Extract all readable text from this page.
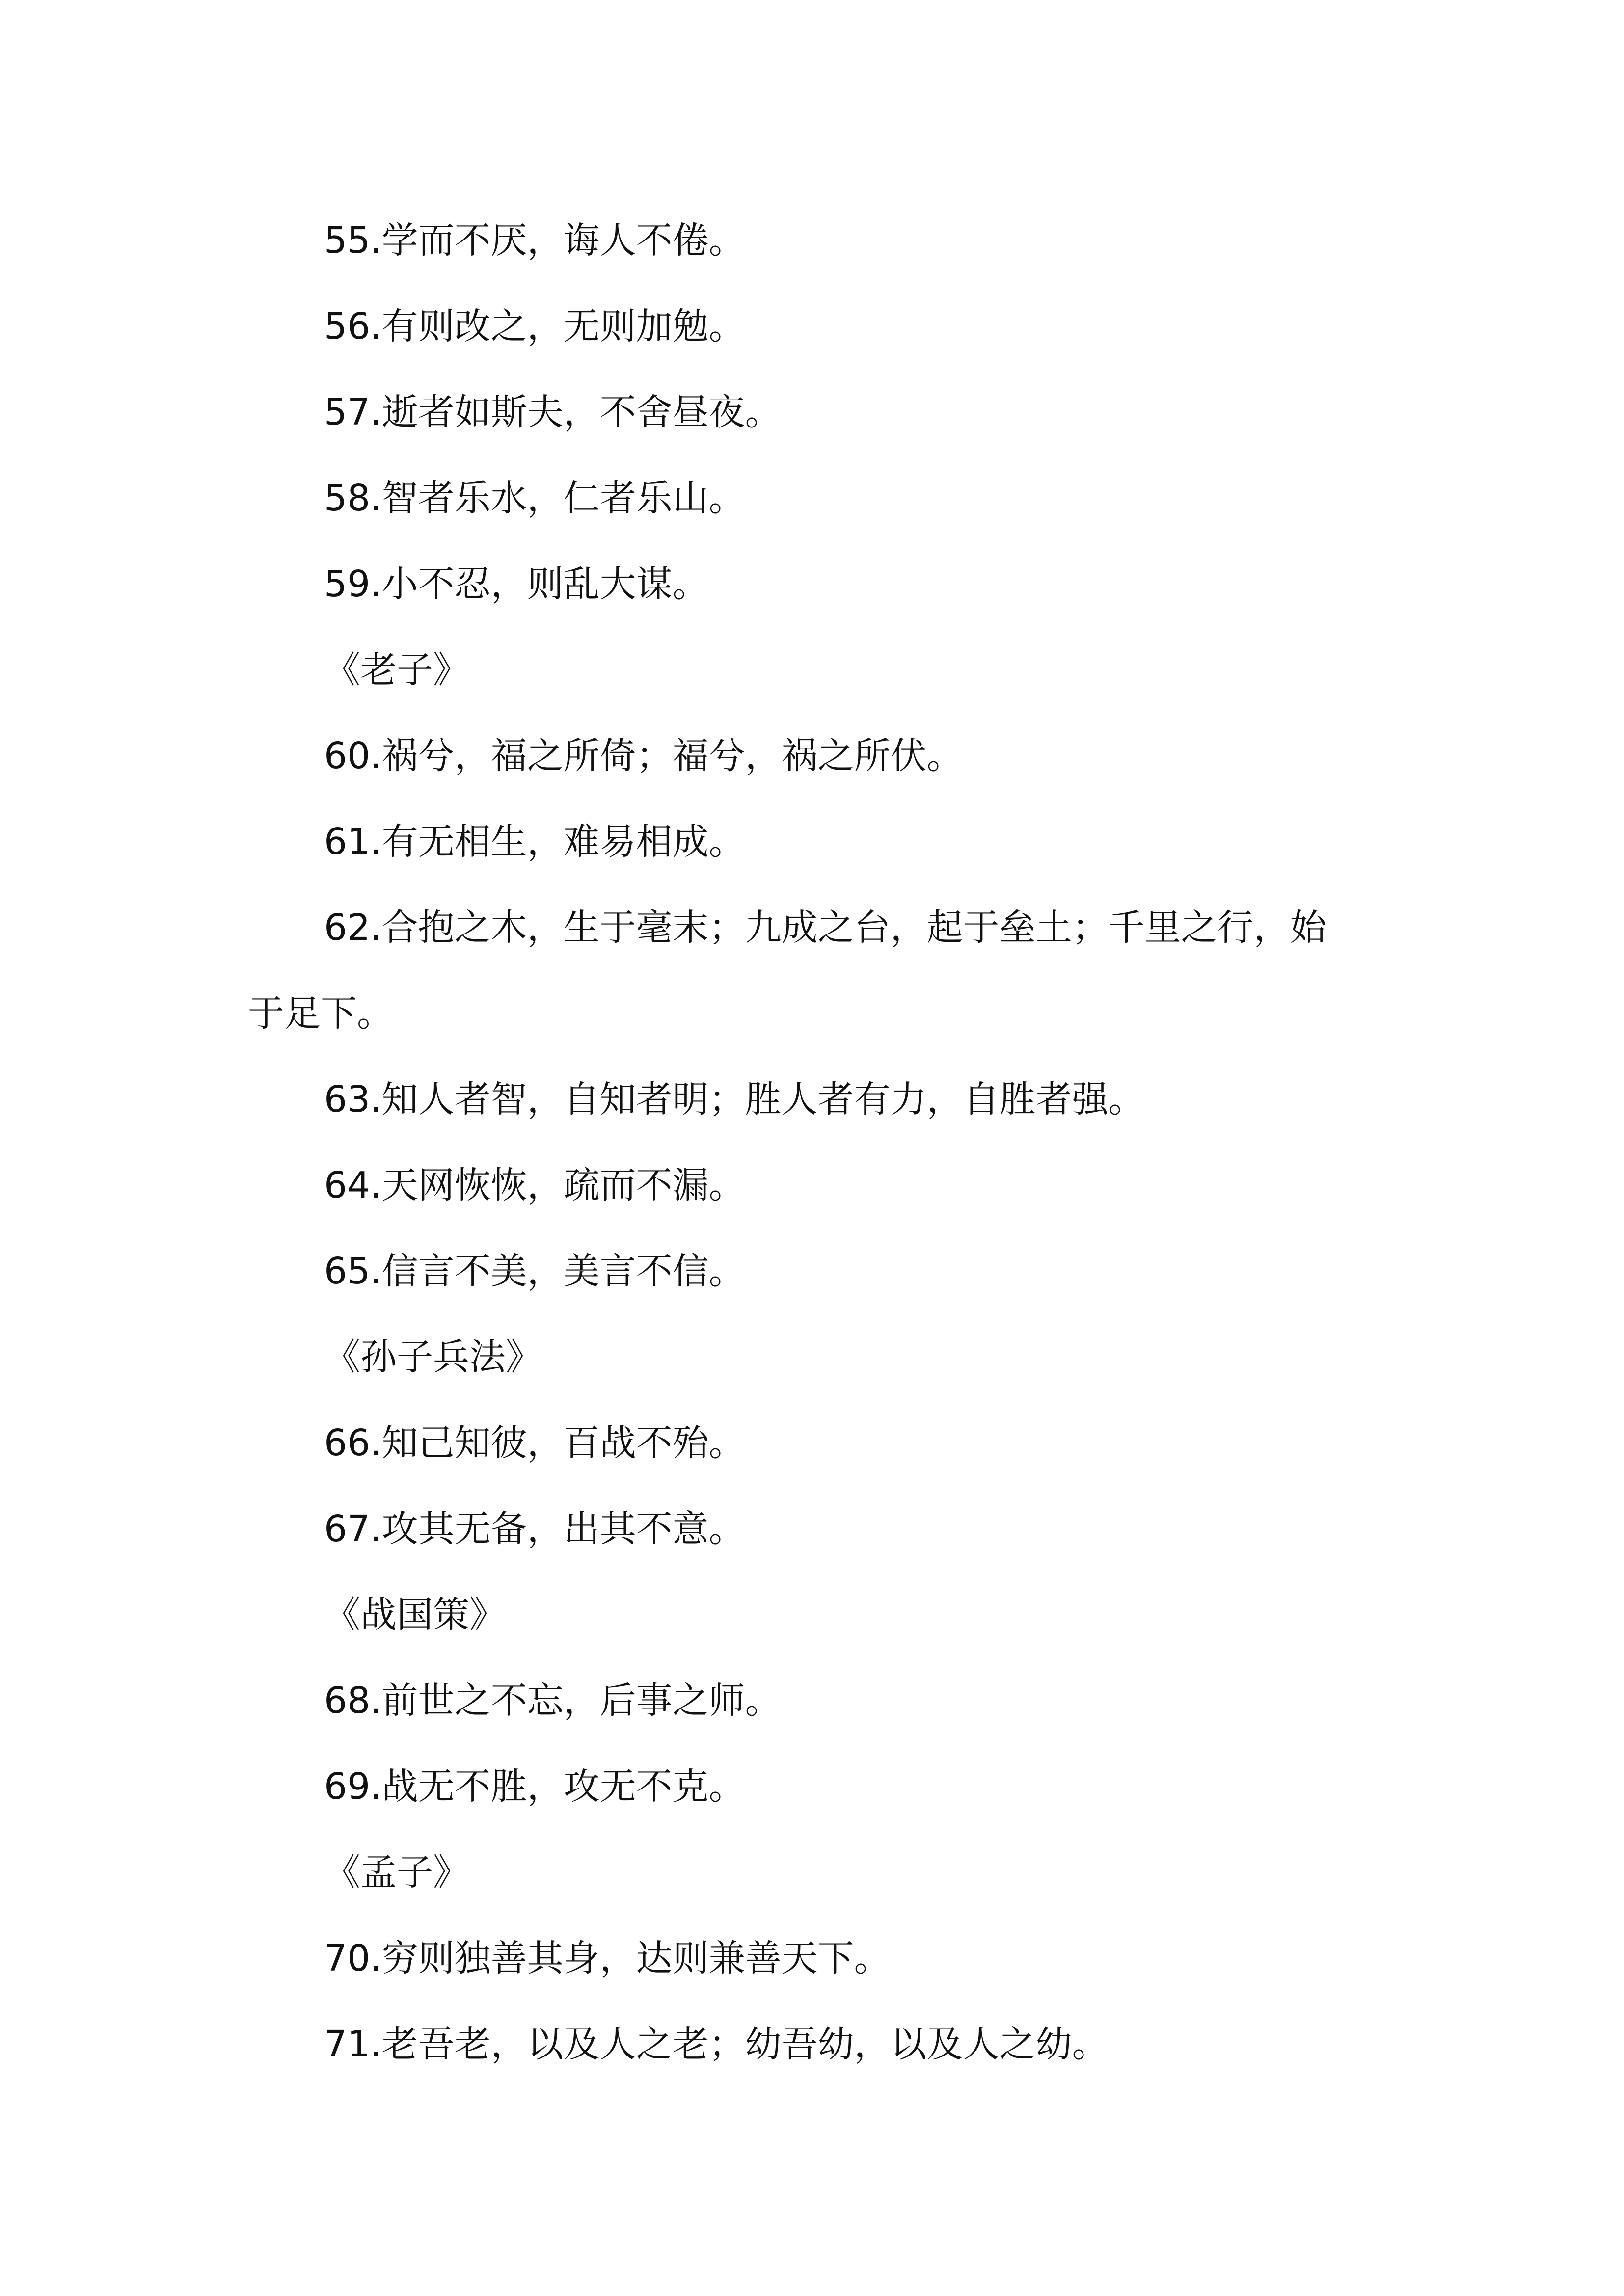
55.学而不厌，诲人不倦。
56.有则改之，无则加勉。
57.逝者如斯夫，不舍昼夜。
58.智者乐水，仁者乐山。
59.小不忍，则乱大谋。
《老子》
60.祸兮，福之所倚；福兮，祸之所伏。
61.有无相生，难易相成。
62.合抱之木，生于毫末；九成之台，起于垒土；千里之行，始
于足下。
63.知人者智，自知者明；胜人者有力，自胜者强。
64.天网恢恢，疏而不漏。
65.信言不美，美言不信。
《孙子兵法》
66.知己知彼，百战不殆。
67.攻其无备，出其不意。
《战国策》
68.前世之不忘，后事之师。
69.战无不胜，攻无不克。
《孟子》
70.穷则独善其身，达则兼善天下。
71.老吾老，以及人之老；幼吾幼，以及人之幼。
